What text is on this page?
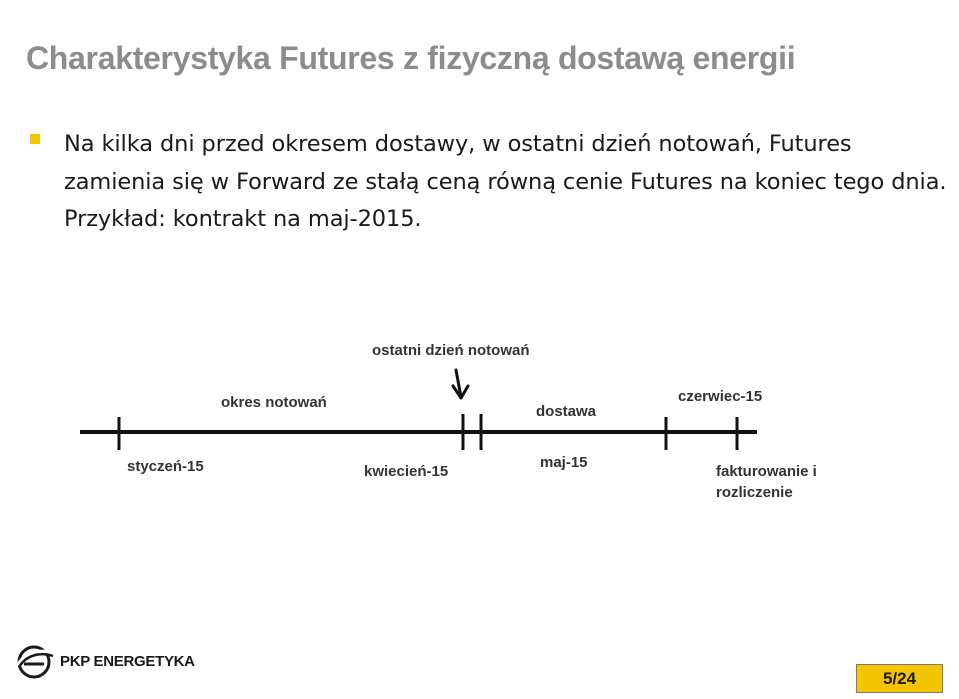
Charakterystyka Futures z fizyczną dostawą energii
Na kilka dni przed okresem dostawy, w ostatni dzień notowań, Futures zamienia się w Forward ze stałą ceną równą cenie Futures na koniec tego dnia. Przykład: kontrakt na maj-2015.
ostatni dzień notowań
okres notowań
dostawa
czerwiec-15
styczeń-15	kwiecień-15
maj-15
fakturowanie i
rozliczenie
PKP ENERGETYKA
5/24
